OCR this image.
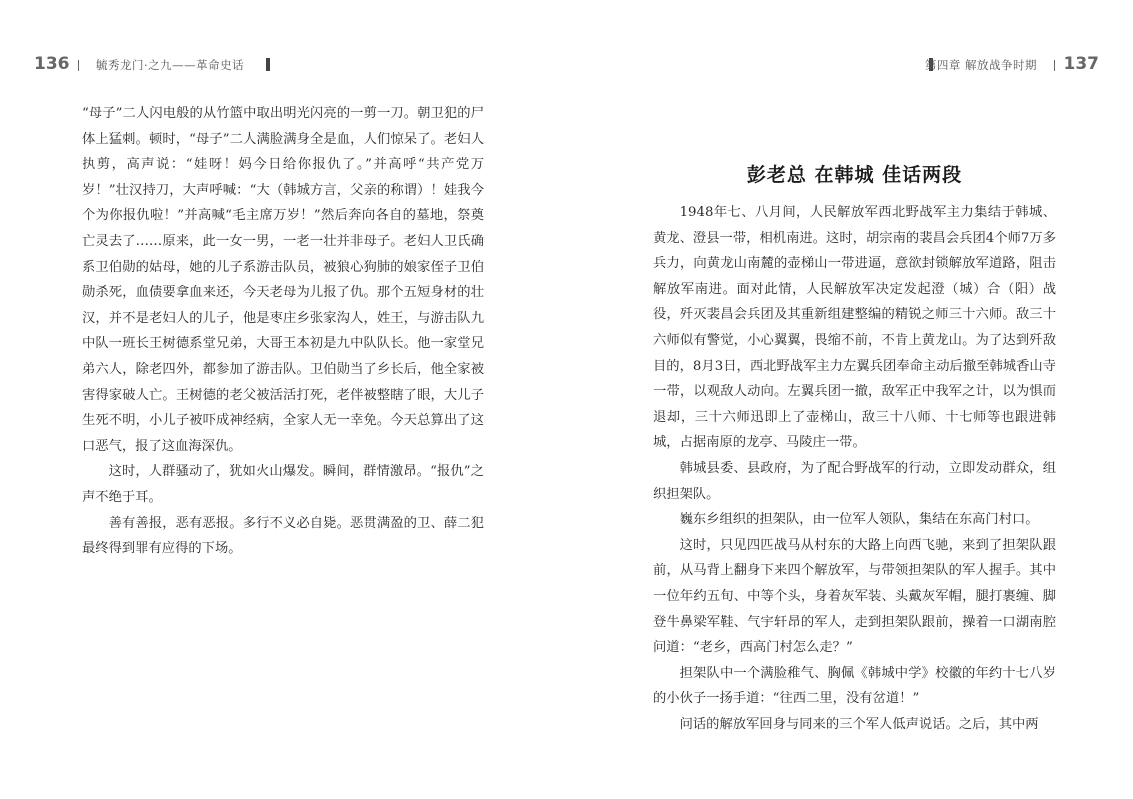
136 毓秀龙门·之九——革命史话

“母子”二人闪电般的从竹篮中取出明光闪亮的一剪一刀。朝卫犯的尸体上猛刺。顿时，“母子”二人满脸满身全是血，人们惊呆了。老妇人执剪，高声说：“娃呀！妈今日给你报仇了。”并高呼“共产党万岁！”壮汉持刀，大声呼喊：“大（韩城方言，父亲的称谓）！娃我今个为你报仇啦！”并高喊“毛主席万岁！”然后奔向各自的墓地，祭奠亡灵去了……原来，此一女一男，一老一壮并非母子。老妇人卫氏确系卫伯勋的姑母，她的儿子系游击队员，被狼心狗肺的娘家侄子卫伯勋杀死，血债要拿血来还，今天老母为儿报了仇。那个五短身材的壮汉，并不是老妇人的儿子，他是枣庄乡张家沟人，姓王，与游击队九中队一班长王树德系堂兄弟，大哥王本初是九中队队长。他一家堂兄弟六人，除老四外，都参加了游击队。卫伯勋当了乡长后，他全家被害得家破人亡。王树德的老父被活活打死，老伴被整瞎了眼，大儿子生死不明，小儿子被吓成神经病，全家人无一幸免。今天总算出了这口恶气，报了这血海深仇。

这时，人群骚动了，犹如火山爆发。瞬间，群情激昂。“报仇”之声不绝于耳。

善有善报，恶有恶报。多行不义必自毙。恶贯满盈的卫、薛二犯最终得到罪有应得的下场。

第四章 解放战争时期 137
彭老总 在韩城 佳话两段

1948年七、八月间，人民解放军西北野战军主力集结于韩城、黄龙、澄县一带，相机南进。这时，胡宗南的裴昌会兵团4个师7万多兵力，向黄龙山南麓的壶梯山一带进逼，意欲封锁解放军道路，阻击解放军南进。面对此情，人民解放军决定发起澄（城）合（阳）战役，歼灭裴昌会兵团及其重新组建整编的精锐之师三十六师。敌三十六师似有警觉，小心翼翼，畏缩不前，不肯上黄龙山。为了达到歼敌目的，8月3日，西北野战军主力左翼兵团奉命主动后撤至韩城香山寺一带，以观敌人动向。左翼兵团一撤，敌军正中我军之计，以为惧而退却，三十六师迅即上了壶梯山，敌三十八师、十七师等也跟进韩城，占据南原的龙亭、马陵庄一带。

韩城县委、县政府，为了配合野战军的行动，立即发动群众，组织担架队。

巍东乡组织的担架队，由一位军人领队，集结在东高门村口。

这时，只见四匹战马从村东的大路上向西飞驰，来到了担架队跟前，从马背上翻身下来四个解放军，与带领担架队的军人握手。其中一位年约五旬、中等个头，身着灰军装、头戴灰军帽，腿打裹缠、脚登牛鼻梁军鞋、气宇轩昂的军人，走到担架队跟前，操着一口湖南腔问道：“老乡，西高门村怎么走？”

担架队中一个满脸稚气、胸佩《韩城中学》校徽的年约十七八岁的小伙子一扬手道：“往西二里，没有岔道！”

问话的解放军回身与同来的三个军人低声说话。之后，其中两
